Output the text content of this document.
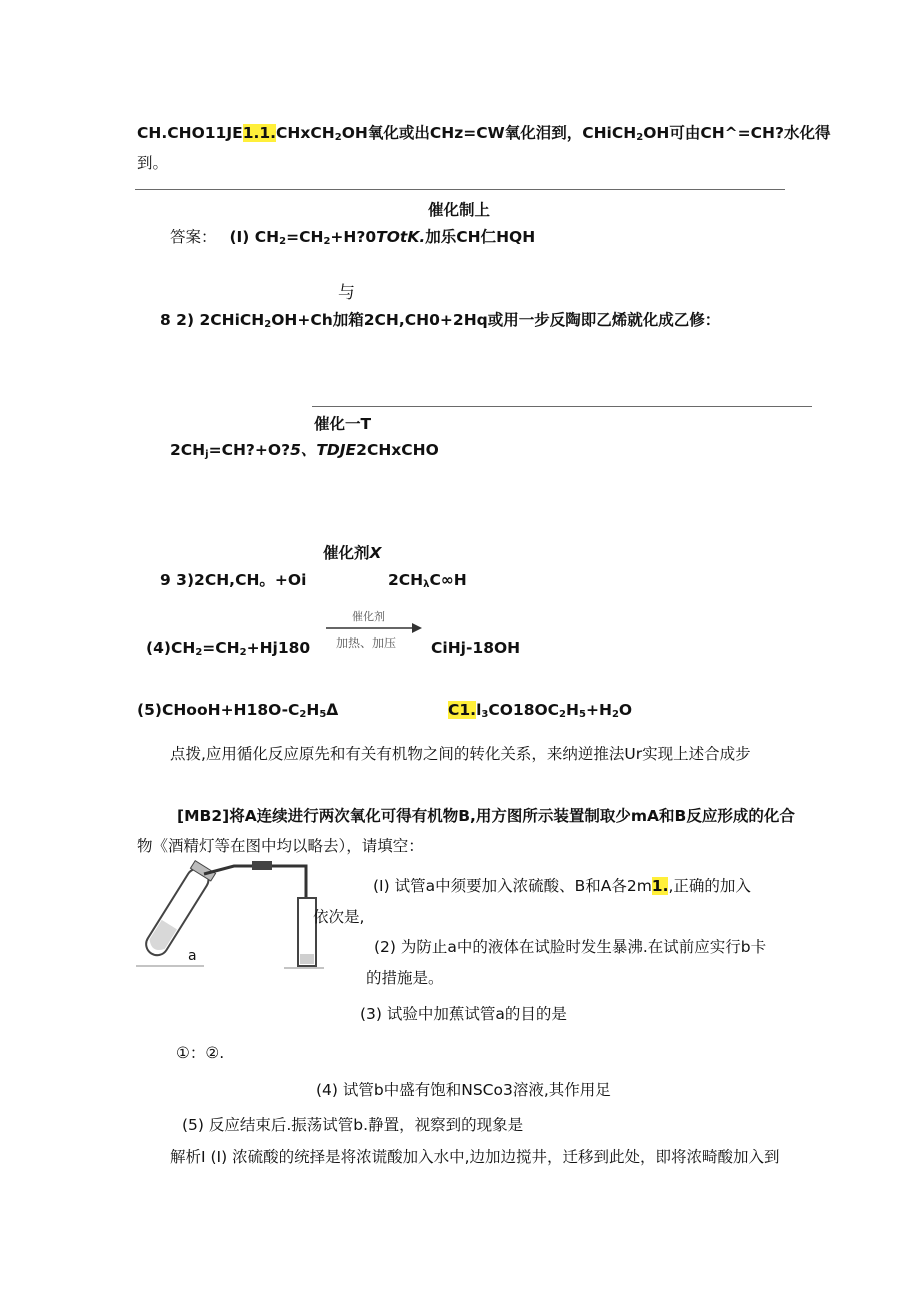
CH.CHO11JE1.1.CHxCH$_2$OH氧化或出CHz=CW氧化泪到，CHiCH$_2$OH可由CH^=CH?水化得
到。
催化制上
答案： (I) $CH_2=CH_2+H?0TOtK$.加乐CH仁HQH
与
8 2) 2CHiCH$_2$OH+Ch加箱2CH,CH0+2Hq或用一步反陶即乙烯就化成乙修：
催化一T
$2CH_j=CH?+O?5$、TDJE2CHxCHO
催化剂X
9 3)2CH,CH。+Oi	$2CH_\lambda C\infty H$
$(4)CH_2=CH_2+Hj180$
催化剂
加热、加压 CiHj-18OH
$(5)CHooH+H18O-C_2H_5\Delta$	$C1.l_3CO18OC_2H_5+H_2O$
点拨,应用循化反应原先和有关有机物之间的转化关系，来纳逆推法Ur实现上述合成步
[MB2]将A连续进行两次氧化可得有机物B,用方图所示装置制取少mA和B反应形成的化合
物《酒精灯等在图中均以略去），请填空：
a
(I) 试管a中须要加入浓硫酸、B和A各2m1.,正确的加入
依次是,
(2) 为防止a中的液体在试脸时发生暴沸.在试前应实行b卡
的措施是。
(3) 试验中加蕉试管a的目的是
①：②.
(4) 试管b中盛有饱和NSCo3溶液,其作用足
(5) 反应结束后.振荡试管b.静置，视察到的现象是
解析I (I) 浓硫酸的统择是将浓谎酸加入水中,边加边搅井，迁移到此处，即将浓畸酸加入到
